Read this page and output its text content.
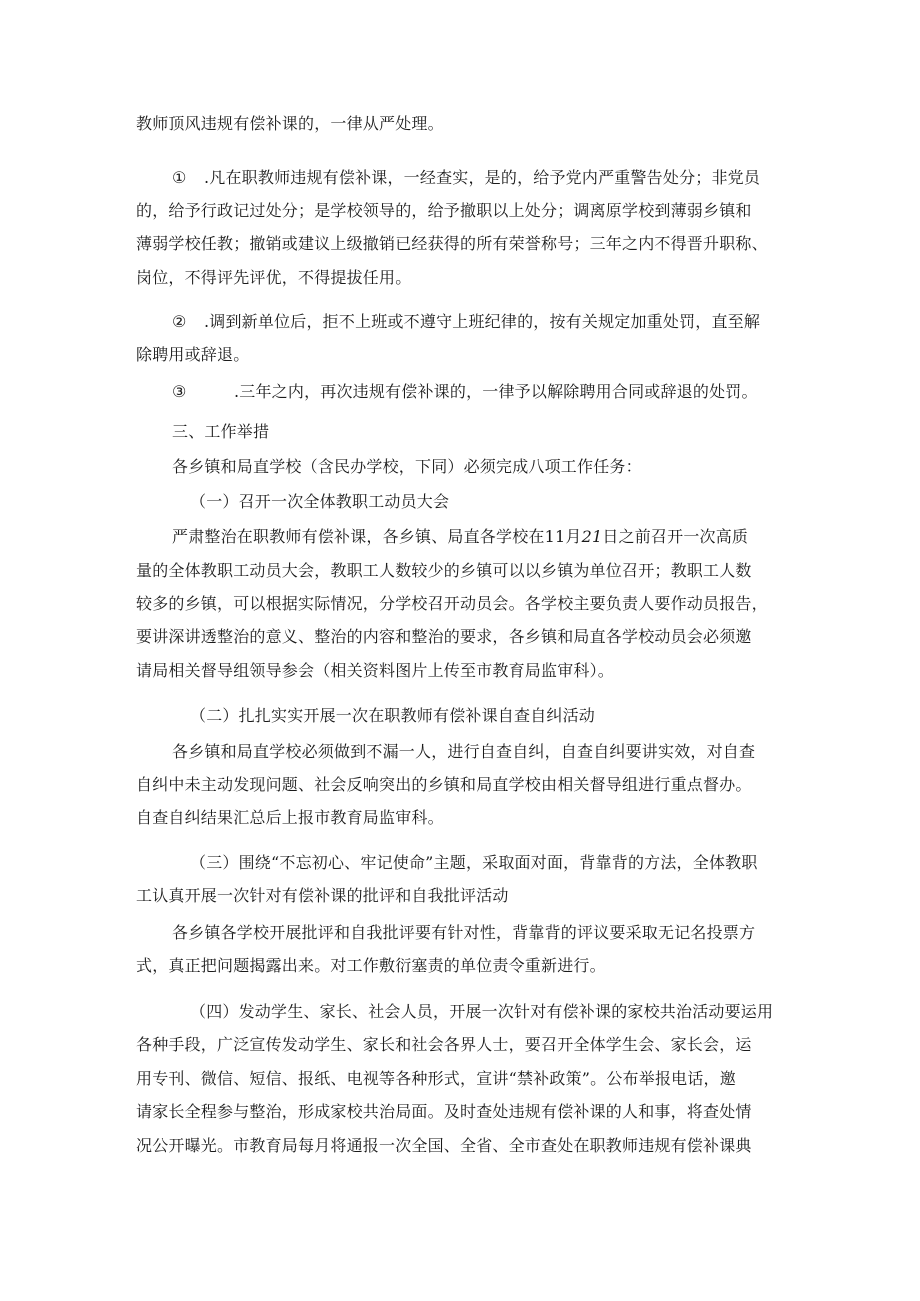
教师顶风违规有偿补课的，一律从严处理。
① .凡在职教师违规有偿补课，一经查实，是的，给予党内严重警告处分；非党员
的，给予行政记过处分；是学校领导的，给予撤职以上处分；调离原学校到薄弱乡镇和
薄弱学校任教；撤销或建议上级撤销已经获得的所有荣誉称号；三年之内不得晋升职称、
岗位，不得评先评优，不得提拔任用。
② .调到新单位后，拒不上班或不遵守上班纪律的，按有关规定加重处罚，直至解
除聘用或辞退。
③	.三年之内，再次违规有偿补课的，一律予以解除聘用合同或辞退的处罚。
三、工作举措
各乡镇和局直学校（含民办学校，下同）必须完成八项工作任务：
（一）召开一次全体教职工动员大会
严肃整治在职教师有偿补课，各乡镇、局直各学校在11月21日之前召开一次高质
量的全体教职工动员大会，教职工人数较少的乡镇可以以乡镇为单位召开；教职工人数
较多的乡镇，可以根据实际情况，分学校召开动员会。各学校主要负责人要作动员报告，
要讲深讲透整治的意义、整治的内容和整治的要求，各乡镇和局直各学校动员会必须邀
请局相关督导组领导参会（相关资料图片上传至市教育局监审科）。
（二）扎扎实实开展一次在职教师有偿补课自查自纠活动
各乡镇和局直学校必须做到不漏一人，进行自查自纠，自查自纠要讲实效，对自查
自纠中未主动发现问题、社会反响突出的乡镇和局直学校由相关督导组进行重点督办。
自查自纠结果汇总后上报市教育局监审科。
（三）围绕“不忘初心、牢记使命”主题，采取面对面，背靠背的方法，全体教职
工认真开展一次针对有偿补课的批评和自我批评活动
各乡镇各学校开展批评和自我批评要有针对性，背靠背的评议要采取无记名投票方
式，真正把问题揭露出来。对工作敷衍塞责的单位责令重新进行。
（四）发动学生、家长、社会人员，开展一次针对有偿补课的家校共治活动要运用
各种手段，广泛宣传发动学生、家长和社会各界人士，要召开全体学生会、家长会，运
用专刊、微信、短信、报纸、电视等各种形式，宣讲“禁补政策”。公布举报电话，邀
请家长全程参与整治，形成家校共治局面。及时查处违规有偿补课的人和事，将查处情
况公开曝光。市教育局每月将通报一次全国、全省、全市查处在职教师违规有偿补课典
